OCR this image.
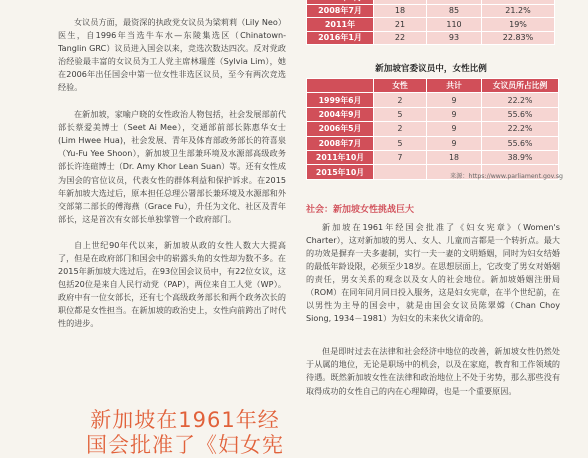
女议员方面，最资深的执政党女议员为梁莉莉（Lily Neo）医生，自1996年当选牛车水—东陵集选区（Chinatown-Tanglin GRC）议员进入国会以来，竞选次数达四次。反对党政治经验最丰富的女议员为工人党主席林瑞莲（Sylvia Lim），她在2006年出任国会中第一位女性非选区议员，至今有两次竞选经验。

在新加坡，家喻户晓的女性政治人物包括，社会发展部前代部长蔡爱美博士（Seet Ai Mee），交通部前部长陈惠华女士(Lim Hwee Hua)，社会发展、青年及体育部政务部长的符喜泉（Yu-Fu Yee Shoon），新加坡卫生部兼环境及水源部高级政务部长许连碹博士（Dr. Amy Khor Lean Suan）等。还有女性成为国会的官位议员，代表女性的群体利益和保护诉求。在2015年新加坡大选过后，原本担任总理公署部长兼环境及水源部和外交部第二部长的傅海燕（Grace Fu），升任为文化、社区及青年部长，这是首次有女部长单独掌管一个政府部门。

自上世纪90年代以来，新加坡从政的女性人数大大提高了，但是在政府部门和国会中的崭露头角的女性却为数不多。在2015年新加坡大选过后，在93位国会议员中，有22位女议，这包括20位是来自人民行动党（PAP），两位来自工人党（WP）。政府中有一位女部长，还有七个高级政务部长和两个政务次长的职位都是女性担当。在新加坡的政治史上，女性向前跨出了时代性的进步。

新加坡在1961年经国会批准了《妇女宪

2008年7月	18	85	21.2%
2011年	21	110	19%
2016年1月	22	93	22.83%
新加坡官委议员中，女性比例
	女性	共计	女议员所占比例
1999年6月	2	9	22.2%
2004年9月	5	9	55.6%
2006年5月	2	9	22.2%
2008年7月	5	9	55.6%
2011年10月	7	18	38.9%
2015年10月				来源：https://www.parliament.gov.sg
社会：新加坡女性挑战巨大

新加坡在1961年经国会批准了《妇女宪章》（Women's Charter），这对新加坡的男人、女人、儿童而言都是一个转折点。最大的功效是摒弃一夫多妻制，实行一夫一妻的文明婚姻，同时为妇女结婚的最低年龄设限，必须至少18岁。在思想层面上，它改变了男女对婚姻的责任，男女关系的观念以及女人的社会地位。新加坡婚姻注册局（ROM）在同年同月同日投入服务，这是妇女宪章，在半个世纪前，在以男性为主导的国会中，就是由国会女议员陈翠嫦（Chan Choy Siong, 1934－1981）为妇女的未来伙父请命的。

但是即时过去在法律和社会经济中地位的改善，新加坡女性仍然处于从属的地位，无论是职场中的机会，以及在家庭，教育和工作领域的待遇。既然新加坡女性在法律和政治地位上不处于劣势，那么那些没有取得成功的女性自己的内在心理障碍，也是一个重要原因。
